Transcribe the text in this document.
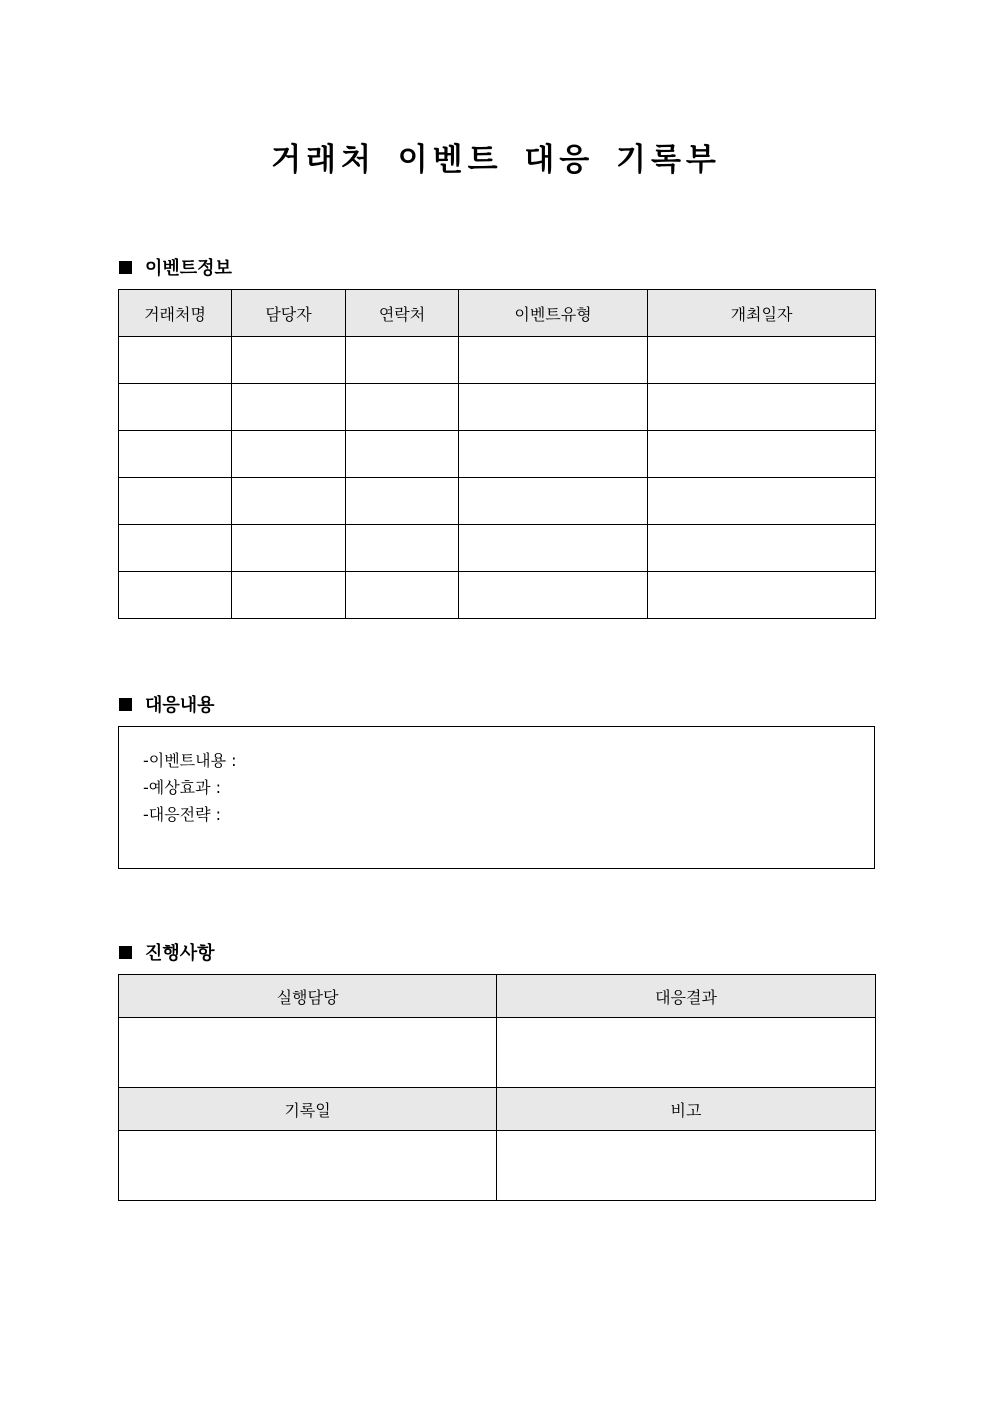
거래처 이벤트 대응 기록부
이벤트정보
거래처명	담당자	연락처	이벤트유형	개최일자

대응내용
-이벤트내용 :
-예상효과 :
-대응전략 :
진행사항
실행담당	대응결과

기록일	비고
